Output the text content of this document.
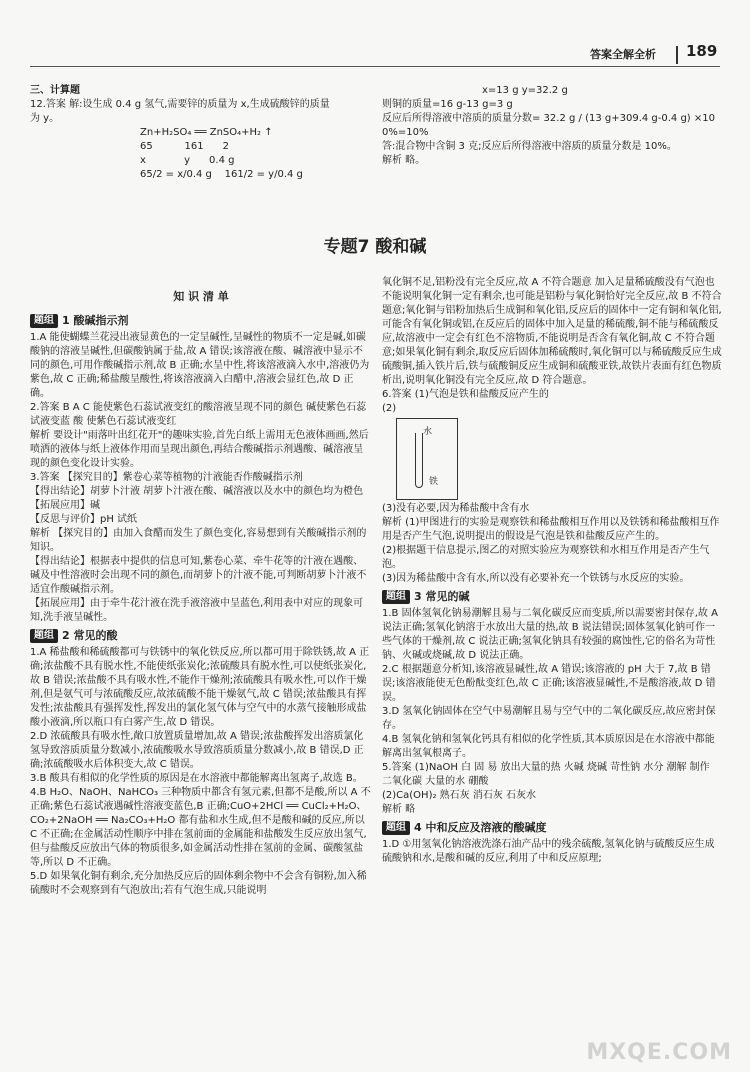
答案全解全析 189

三、计算题

12.答案 解:设生成 0.4 g 氢气,需要锌的质量为 x,生成硫酸锌的质量

为 y。

Zn+H₂SO₄ ══ ZnSO₄+H₂ ↑

65          161      2

x            y      0.4 g

65/2 = x/0.4 g    161/2 = y/0.4 g

x=13 g y=32.2 g

则铜的质量=16 g-13 g=3 g

反应后所得溶液中溶质的质量分数= 32.2 g / (13 g+309.4 g-0.4 g) ×100%=10%

答:混合物中含铜 3 克;反应后所得溶液中溶质的质量分数是 10%。

解析 略。

专题7 酸和碱
知 识 清 单
题组 1
酸碱指示剂

1.A 能使蝴蝶兰花浸出液显黄色的一定呈碱性,呈碱性的物质不一定是碱,如碳酸钠的溶液呈碱性,但碳酸钠属于盐,故 A 错误;该溶液在酸、碱溶液中显示不同的颜色,可用作酸碱指示剂,故 B 正确;水呈中性,将该溶液滴入水中,溶液仍为紫色,故 C 正确;稀盐酸呈酸性,将该溶液滴入白醋中,溶液会显红色,故 D 正确。

2.答案 B A C 能使紫色石蕊试液变红的酸溶液呈现不同的颜色 碱使紫色石蕊试液变蓝 酸 使紫色石蕊试液变红

解析 要设计"雨落叶出红花开"的趣味实验,首先白纸上需用无色液体画画,然后喷洒的液体与纸上液体作用而呈现出颜色,再结合酸碱指示剂遇酸、碱溶液呈现的颜色变化设计实验。

3.答案 【探究目的】紫卷心菜等植物的汁液能否作酸碱指示剂

【得出结论】胡萝卜汁液 胡萝卜汁液在酸、碱溶液以及水中的颜色均为橙色

【拓展应用】碱

【反思与评价】pH 试纸

解析 【探究目的】由加入食醋而发生了颜色变化,容易想到有关酸碱指示剂的知识。

【得出结论】根据表中提供的信息可知,紫卷心菜、牵牛花等的汁液在遇酸、碱及中性溶液时会出现不同的颜色,而胡萝卜的汁液不能,可判断胡萝卜汁液不适宜作酸碱指示剂。

【拓展应用】由于牵牛花汁液在洗手液溶液中呈蓝色,利用表中对应的现象可知,洗手液呈碱性。

题组 2
常见的酸

1.A 稀盐酸和稀硫酸都可与铁锈中的氧化铁反应,所以都可用于除铁锈,故 A 正确;浓盐酸不具有脱水性,不能使纸张炭化;浓硫酸具有脱水性,可以使纸张炭化,故 B 错误;浓盐酸不具有吸水性,不能作干燥剂;浓硫酸具有吸水性,可以作干燥剂,但是氨气可与浓硫酸反应,故浓硫酸不能干燥氨气,故 C 错误;浓盐酸具有挥发性;浓盐酸具有强挥发性,挥发出的氯化氢气体与空气中的水蒸气接触形成盐酸小液滴,所以瓶口有白雾产生,故 D 错误。

2.D 浓硫酸具有吸水性,敞口放置质量增加,故 A 错误;浓盐酸挥发出溶质氯化氢导致溶质质量分数减小,浓硫酸吸水导致溶质质量分数减小,故 B 错误,D 正确;浓硫酸吸水后体积变大,故 C 错误。

3.B 酸具有相似的化学性质的原因是在水溶液中都能解离出氢离子,故选 B。

4.B H₂O、NaOH、NaHCO₃ 三种物质中都含有氢元素,但都不是酸,所以 A 不正确;紫色石蕊试液遇碱性溶液变蓝色,B 正确;CuO+2HCl ══ CuCl₂+H₂O、CO₂+2NaOH ══ Na₂CO₃+H₂O 都有盐和水生成,但不是酸和碱的反应,所以 C 不正确;在金属活动性顺序中排在氢前面的金属能和盐酸发生反应放出氢气,但与盐酸反应放出气体的物质很多,如金属活动性排在氢前的金属、碳酸氢盐等,所以 D 不正确。

5.D 如果氧化铜有剩余,充分加热反应后的固体剩余物中不会含有铜粉,加入稀硫酸时不会观察到有气泡放出;若有气泡生成,只能说明

氧化铜不足,铝粉没有完全反应,故 A 不符合题意 加入足量稀硫酸没有气泡也不能说明氧化铜一定有剩余,也可能是铝粉与氧化铜恰好完全反应,故 B 不符合题意;氧化铜与铝粉加热后生成铜和氧化铝,反应后的固体中一定有铜和氧化铝,可能含有氧化铜或铝,在反应后的固体中加入足量的稀硫酸,铜不能与稀硫酸反应,故溶液中一定会有红色不溶物质,不能说明是否含有氧化铜,故 C 不符合题意;如果氧化铜有剩余,取反应后固体加稀硫酸时,氧化铜可以与稀硫酸反应生成硫酸铜,插入铁片后,铁与硫酸铜反应生成铜和硫酸亚铁,故铁片表面有红色物质析出,说明氧化铜没有完全反应,故 D 符合题意。

6.答案 (1)气泡是铁和盐酸反应产生的

(2)

水
铁

(3)没有必要,因为稀盐酸中含有水

解析 (1)甲图进行的实验是观察铁和稀盐酸相互作用以及铁锈和稀盐酸相互作用是否产生气泡,说明提出的假设是气泡是铁和盐酸反应产生的。

(2)根据题干信息提示,图乙的对照实验应为观察铁和水相互作用是否产生气泡。

(3)因为稀盐酸中含有水,所以没有必要补充一个铁锈与水反应的实验。

题组 3
常见的碱

1.B 固体氢氧化钠易潮解且易与二氧化碳反应而变质,所以需要密封保存,故 A 说法正确;氢氧化钠溶于水放出大量的热,故 B 说法错误;固体氢氧化钠可作一些气体的干燥剂,故 C 说法正确;氢氧化钠具有较强的腐蚀性,它的俗名为苛性钠、火碱或烧碱,故 D 说法正确。

2.C 根据题意分析知,该溶液显碱性,故 A 错误;该溶液的 pH 大于 7,故 B 错误;该溶液能使无色酚酞变红色,故 C 正确;该溶液显碱性,不是酸溶液,故 D 错误。

3.D 氢氧化钠固体在空气中易潮解且易与空气中的二氧化碳反应,故应密封保存。

4.B 氢氧化钠和氢氧化钙具有相似的化学性质,其本质原因是在水溶液中都能解离出氢氧根离子。

5.答案 (1)NaOH 白 固 易 放出大量的热 火碱 烧碱 苛性钠 水分 潮解 制作 二氧化碳 大量的水 硼酸

(2)Ca(OH)₂ 熟石灰 消石灰 石灰水

解析 略

题组 4
中和反应及溶液的酸碱度

1.D ①用氢氧化钠溶液洗涤石油产品中的残余硫酸,氢氧化钠与硫酸反应生成硫酸钠和水,是酸和碱的反应,利用了中和反应原理;

MXQE.COM
